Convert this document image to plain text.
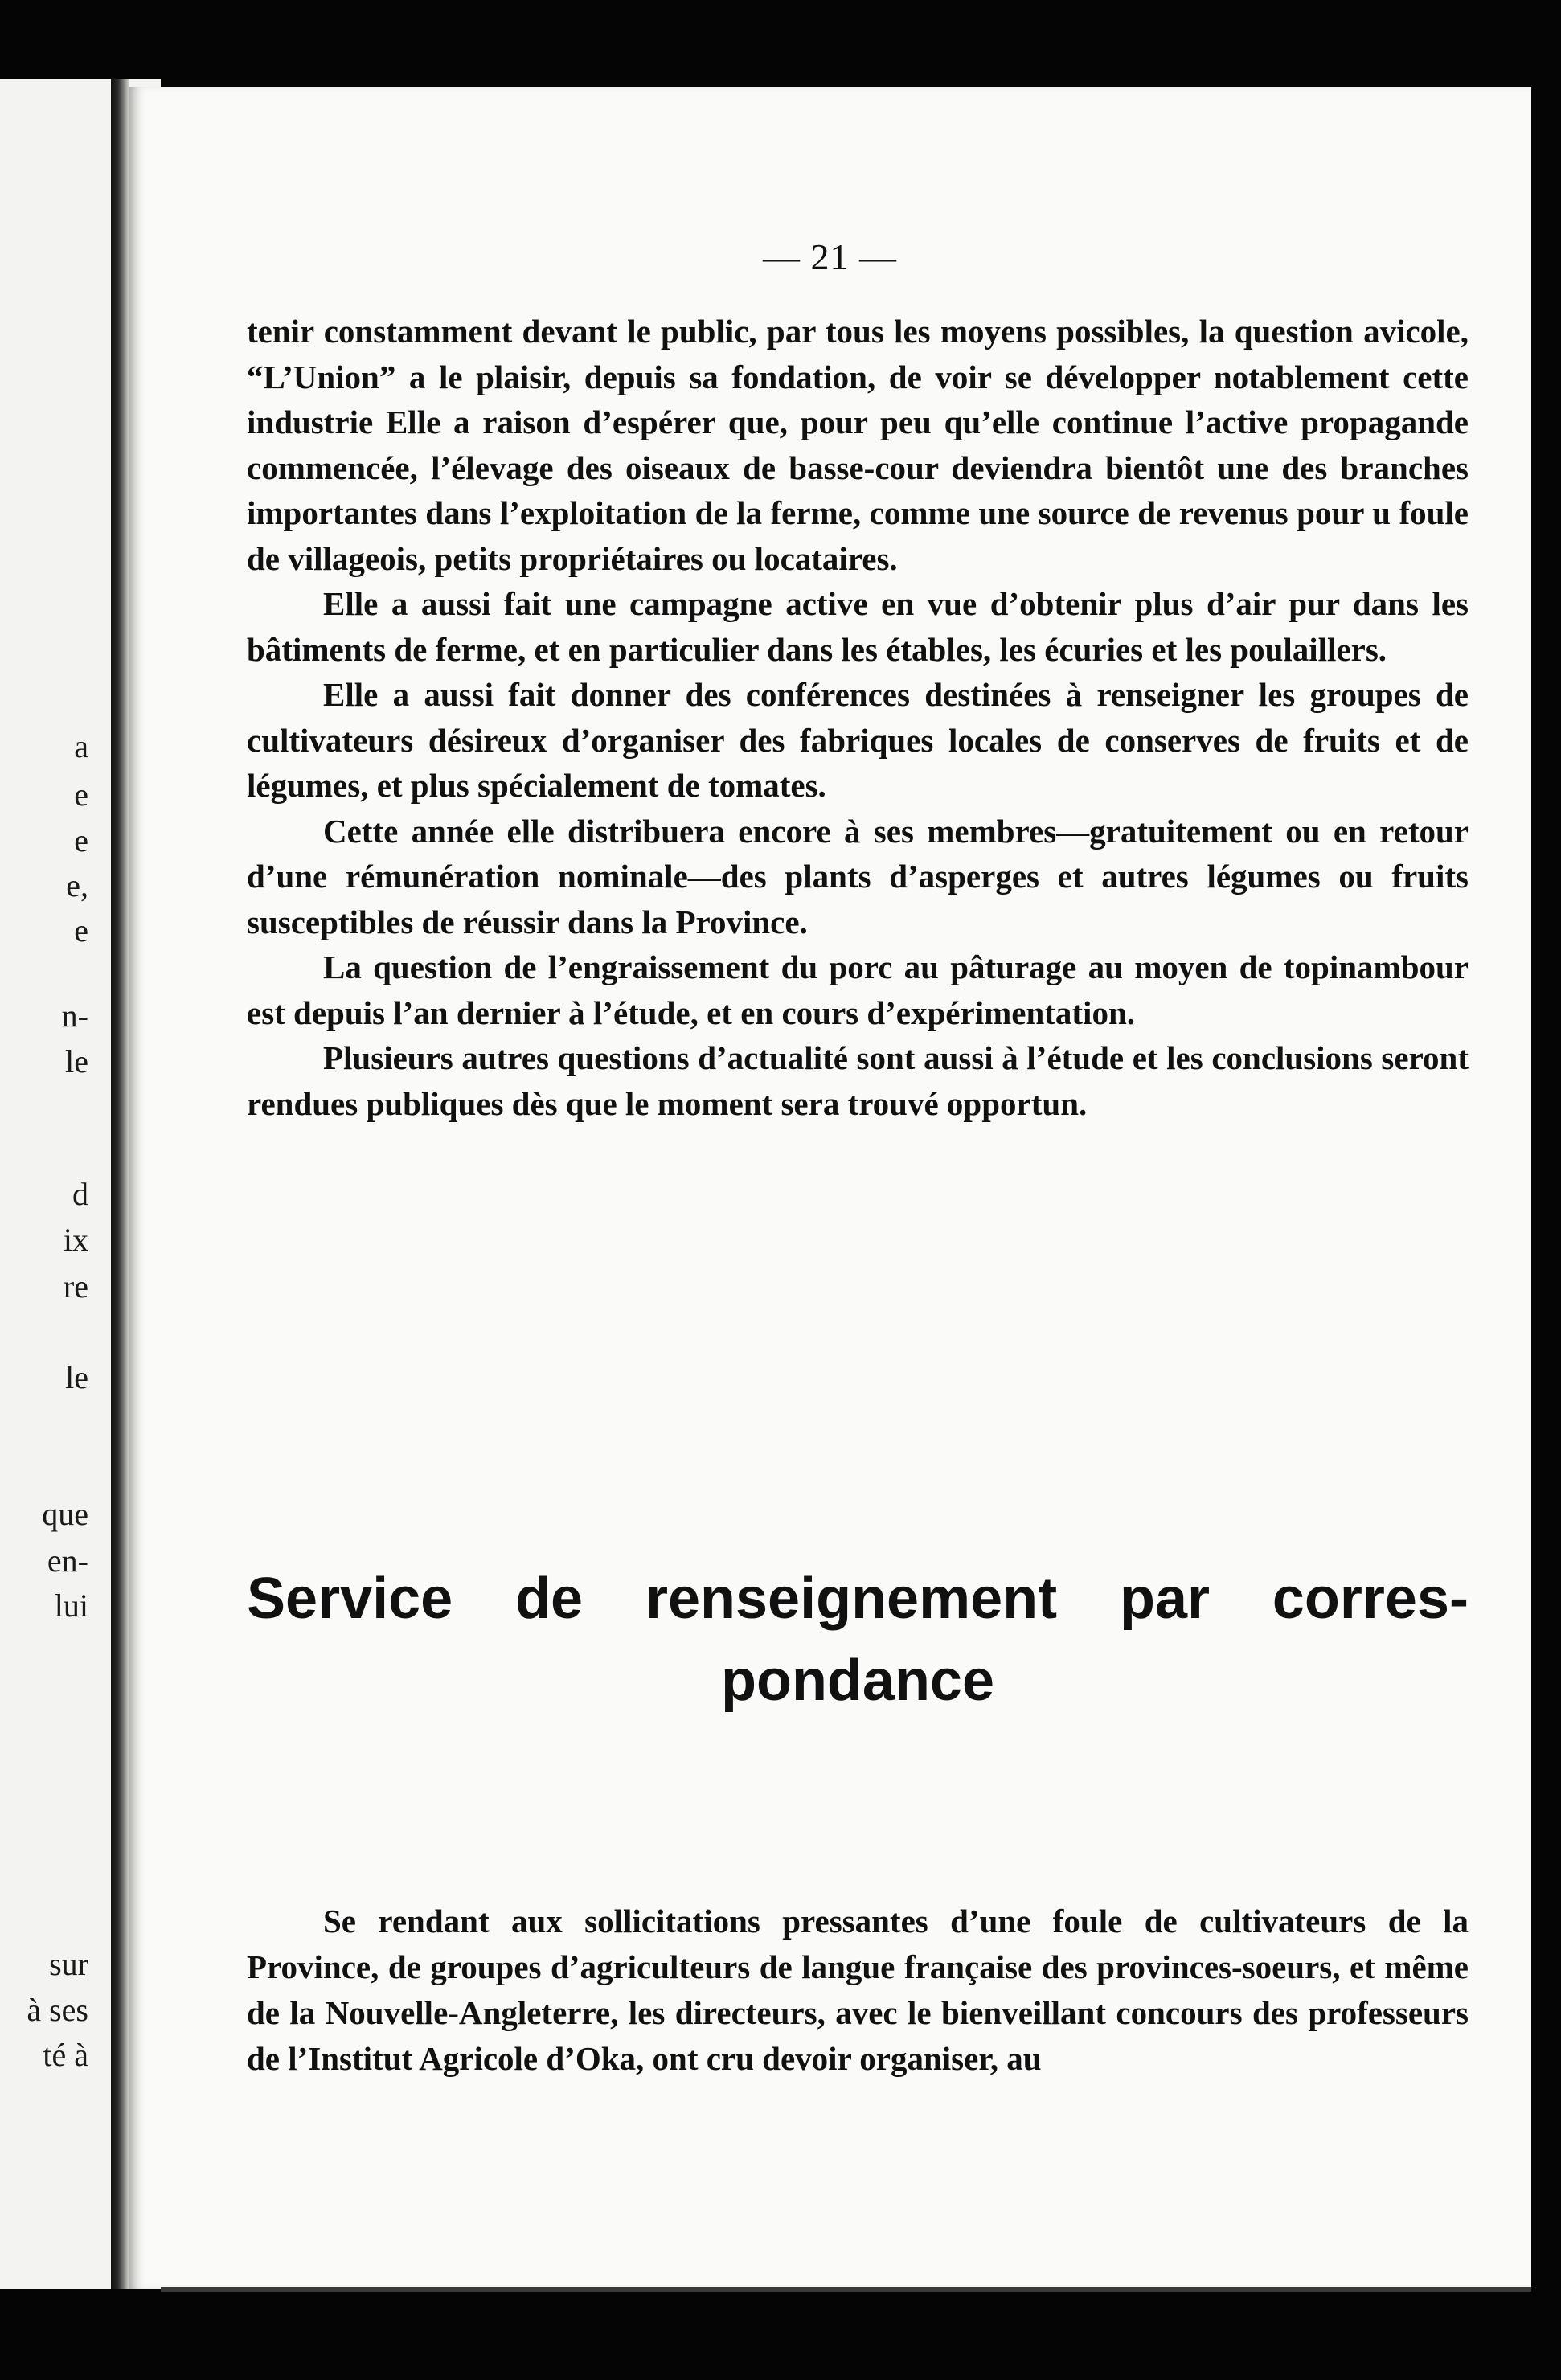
a
e
e
e,
e
n-
le
d
ix
re
le
que
en-
lui
sur
à ses
té à
— 21 —

tenir constamment devant le public, par tous les moyens possibles, la question avicole, “L’Union” a le plaisir, depuis sa fondation, de voir se développer notablement cette industrie Elle a raison d’espérer que, pour peu qu’elle continue l’active propagande commencée, l’élevage des oiseaux de basse-cour deviendra bientôt une des branches importantes dans l’exploitation de la ferme, comme une source de revenus pour u foule de villageois, petits propriétaires ou locataires.

Elle a aussi fait une campagne active en vue d’obtenir plus d’air pur dans les bâtiments de ferme, et en particulier dans les étables, les écuries et les poulaillers.

Elle a aussi fait donner des conférences destinées à renseigner les groupes de cultivateurs désireux d’organiser des fabriques locales de conserves de fruits et de légumes, et plus spécialement de tomates.

Cette année elle distribuera encore à ses membres—gratuitement ou en retour d’une rémunération nominale—des plants d’asperges et autres légumes ou fruits susceptibles de réussir dans la Province.

La question de l’engraissement du porc au pâturage au moyen de topinambour est depuis l’an dernier à l’étude, et en cours d’expérimentation.

Plusieurs autres questions d’actualité sont aussi à l’étude et les conclusions seront rendues publiques dès que le moment sera trouvé opportun.

Service de renseignement par corres-
pondance

Se rendant aux sollicitations pressantes d’une foule de cultivateurs de la Province, de groupes d’agriculteurs de langue française des provinces-soeurs, et même de la Nouvelle-Angleterre, les directeurs, avec le bienveillant concours des professeurs de l’Institut Agricole d’Oka, ont cru devoir organiser, au
